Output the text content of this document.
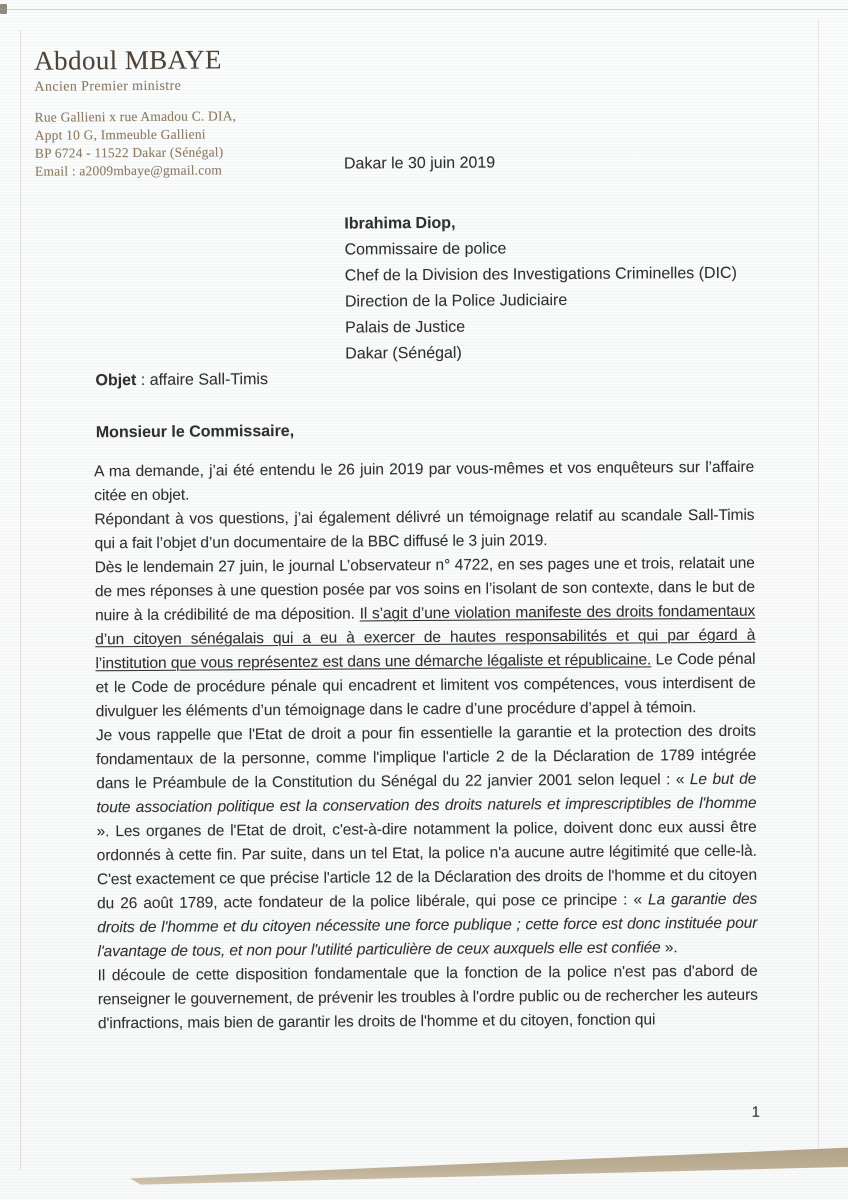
Abdoul MBAYE
Ancien Premier ministre
Rue Gallieni x rue Amadou C. DIA,
Appt 10 G, Immeuble Gallieni
BP 6724 - 11522 Dakar (Sénégal)
Email : a2009mbaye@gmail.com	Dakar le 30 juin 2019
Ibrahima Diop,
Commissaire de police
Chef de la Division des Investigations Criminelles (DIC)
Direction de la Police Judiciaire
Palais de Justice
Dakar (Sénégal)
Objet : affaire Sall-Timis
Monsieur le Commissaire,

A ma demande, j’ai été entendu le 26 juin 2019 par vous-mêmes et vos enquêteurs sur l’affaire citée en objet.

Répondant à vos questions, j’ai également délivré un témoignage relatif au scandale Sall-Timis qui a fait l’objet d’un documentaire de la BBC diffusé le 3 juin 2019.

Dès le lendemain 27 juin, le journal L’observateur n° 4722, en ses pages une et trois, relatait une de mes réponses à une question posée par vos soins en l’isolant de son contexte, dans le but de nuire à la crédibilité de ma déposition. Il s’agit d’une violation manifeste des droits fondamentaux d’un citoyen sénégalais qui a eu à exercer de hautes responsabilités et qui par égard à l’institution que vous représentez est dans une démarche légaliste et républicaine. Le Code pénal et le Code de procédure pénale qui encadrent et limitent vos compétences, vous interdisent de divulguer les éléments d’un témoignage dans le cadre d’une procédure d’appel à témoin.

Je vous rappelle que l'Etat de droit a pour fin essentielle la garantie et la protection des droits fondamentaux de la personne, comme l'implique l'article 2 de la Déclaration de 1789 intégrée dans le Préambule de la Constitution du Sénégal du 22 janvier 2001 selon lequel : « Le but de toute association politique est la conservation des droits naturels et imprescriptibles de l'homme ». Les organes de l'Etat de droit, c'est-à-dire notamment la police, doivent donc eux aussi être ordonnés à cette fin. Par suite, dans un tel Etat, la police n'a aucune autre légitimité que celle-là. C'est exactement ce que précise l'article 12 de la Déclaration des droits de l'homme et du citoyen du 26 août 1789, acte fondateur de la police libérale, qui pose ce principe : « La garantie des droits de l'homme et du citoyen nécessite une force publique ; cette force est donc instituée pour l'avantage de tous, et non pour l'utilité particulière de ceux auxquels elle est confiée ».

Il découle de cette disposition fondamentale que la fonction de la police n'est pas d'abord de renseigner le gouvernement, de prévenir les troubles à l'ordre public ou de rechercher les auteurs d'infractions, mais bien de garantir les droits de l'homme et du citoyen, fonction qui

1
